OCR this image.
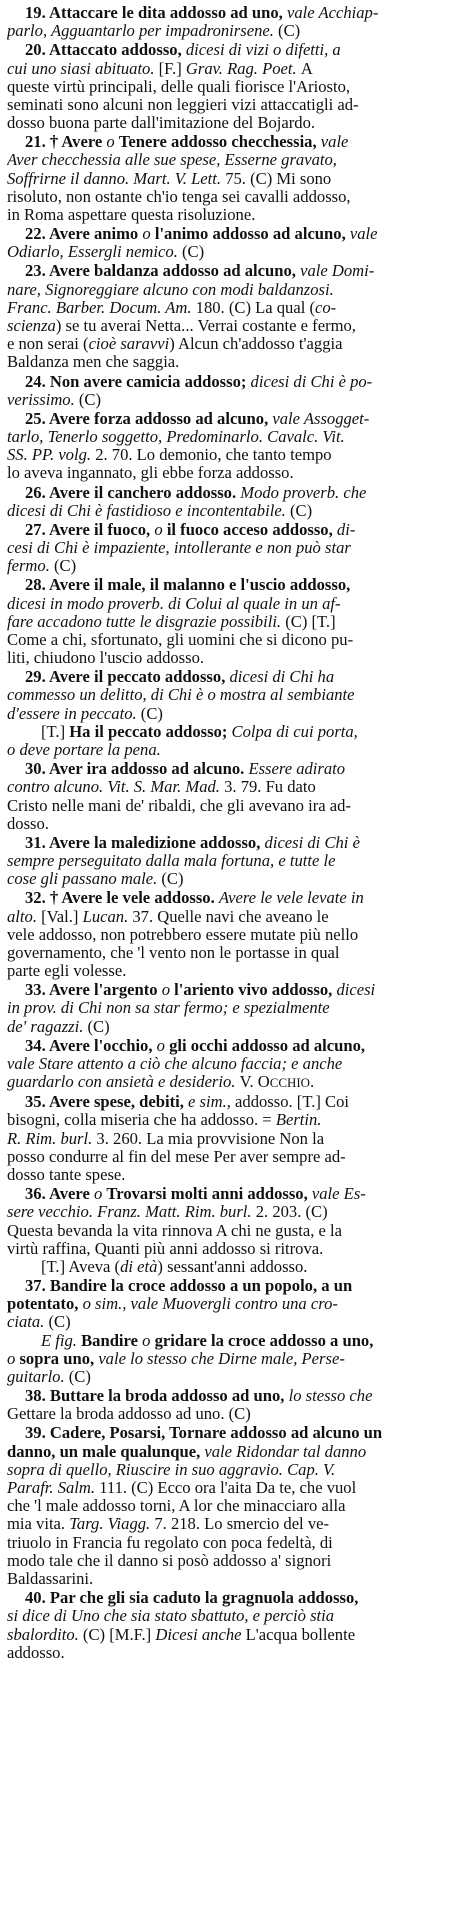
19. Attaccare le dita addosso ad uno, vale Acchiap-
parlo, Agguantarlo per impadronirsene. (C)
20. Attaccato addosso, dicesi di vizi o difetti, a
cui uno siasi abituato. [F.] Grav. Rag. Poet. A
queste virtù principali, delle quali fiorisce l'Ariosto,
seminati sono alcuni non leggieri vizi attaccatigli ad-
dosso buona parte dall'imitazione del Bojardo.
21. † Avere o Tenere addosso checchessia, vale
Aver checchessia alle sue spese, Esserne gravato,
Soffrirne il danno. Mart. V. Lett. 75. (C) Mi sono
risoluto, non ostante ch'io tenga sei cavalli addosso,
in Roma aspettare questa risoluzione.
22. Avere animo o l'animo addosso ad alcuno, vale
Odiarlo, Essergli nemico. (C)
23. Avere baldanza addosso ad alcuno, vale Domi-
nare, Signoreggiare alcuno con modi baldanzosi.
Franc. Barber. Docum. Am. 180. (C) La qual (co-
scienza) se tu averai Netta... Verrai costante e fermo,
e non serai (cioè saravvi) Alcun ch'addosso t'aggia
Baldanza men che saggia.
24. Non avere camicia addosso; dicesi di Chi è po-
verissimo. (C)
25. Avere forza addosso ad alcuno, vale Assogget-
tarlo, Tenerlo soggetto, Predominarlo. Cavalc. Vit.
SS. PP. volg. 2. 70. Lo demonio, che tanto tempo
lo aveva ingannato, gli ebbe forza addosso.
26. Avere il canchero addosso. Modo proverb. che
dicesi di Chi è fastidioso e incontentabile. (C)
27. Avere il fuoco, o il fuoco acceso addosso, di-
cesi di Chi è impaziente, intollerante e non può star
fermo. (C)
28. Avere il male, il malanno e l'uscio addosso,
dicesi in modo proverb. di Colui al quale in un af-
fare accadono tutte le disgrazie possibili. (C) [T.]
Come a chi, sfortunato, gli uomini che si dicono pu-
liti, chiudono l'uscio addosso.
29. Avere il peccato addosso, dicesi di Chi ha
commesso un delitto, di Chi è o mostra al sembiante
d'essere in peccato. (C)
[T.] Ha il peccato addosso; Colpa di cui porta,
o deve portare la pena.
30. Aver ira addosso ad alcuno. Essere adirato
contro alcuno. Vit. S. Mar. Mad. 3. 79. Fu dato
Cristo nelle mani de' ribaldi, che gli avevano ira ad-
dosso.
31. Avere la maledizione addosso, dicesi di Chi è
sempre perseguitato dalla mala fortuna, e tutte le
cose gli passano male. (C)
32. † Avere le vele addosso. Avere le vele levate in
alto. [Val.] Lucan. 37. Quelle navi che aveano le
vele addosso, non potrebbero essere mutate più nello
governamento, che 'l vento non le portasse in qual
parte egli volesse.
33. Avere l'argento o l'ariento vivo addosso, dicesi
in prov. di Chi non sa star fermo; e spezialmente
de' ragazzi. (C)
34. Avere l'occhio, o gli occhi addosso ad alcuno,
vale Stare attento a ciò che alcuno faccia; e anche
guardarlo con ansietà e desiderio. V. OCCHIO.
35. Avere spese, debiti, e sim., addosso. [T.] Coi
bisogni, colla miseria che ha addosso. = Bertin.
R. Rim. burl. 3. 260. La mia provvisione Non la
posso condurre al fin del mese Per aver sempre ad-
dosso tante spese.
36. Avere o Trovarsi molti anni addosso, vale Es-
sere vecchio. Franz. Matt. Rim. burl. 2. 203. (C)
Questa bevanda la vita rinnova A chi ne gusta, e la
virtù raffina, Quanti più anni addosso si ritrova.
[T.] Aveva (di età) sessant'anni addosso.
37. Bandire la croce addosso a un popolo, a un
potentato, o sim., vale Muovergli contro una cro-
ciata. (C)
E fig. Bandire o gridare la croce addosso a uno,
o sopra uno, vale lo stesso che Dirne male, Perse-
guitarlo. (C)
38. Buttare la broda addosso ad uno, lo stesso che
Gettare la broda addosso ad uno. (C)
39. Cadere, Posarsi, Tornare addosso ad alcuno un
danno, un male qualunque, vale Ridondar tal danno
sopra di quello, Riuscire in suo aggravio. Cap. V.
Parafr. Salm. 111. (C) Ecco ora l'aita Da te, che vuol
che 'l male addosso torni, A lor che minacciaro alla
mia vita. Targ. Viagg. 7. 218. Lo smercio del ve-
triuolo in Francia fu regolato con poca fedeltà, di
modo tale che il danno si posò addosso a' signori
Baldassarini.
40. Par che gli sia caduto la gragnuola addosso,
si dice di Uno che sia stato sbattuto, e perciò stia
sbalordito. (C) [M.F.] Dicesi anche L'acqua bollente
addosso.
